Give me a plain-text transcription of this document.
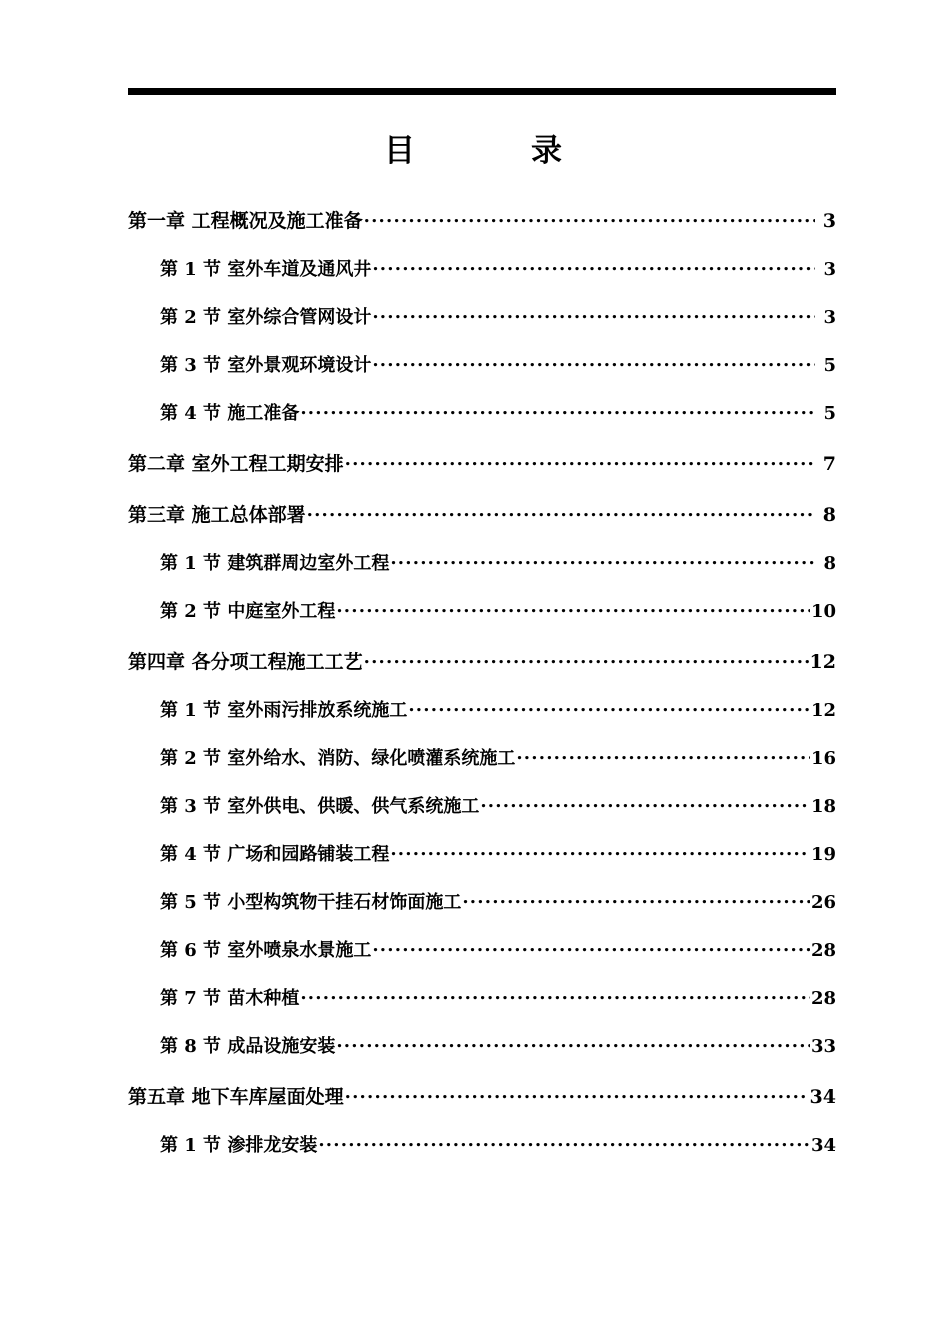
目　　录
第一章 工程概况及施工准备 .....	3
第 1 节 室外车道及通风井 .....	3
第 2 节 室外综合管网设计 .....	3
第 3 节 室外景观环境设计 .....	5
第 4 节 施工准备 .....	5
第二章 室外工程工期安排 .....	7
第三章 施工总体部署 .....	8
第 1 节 建筑群周边室外工程 .....	8
第 2 节 中庭室外工程 .....	10
第四章 各分项工程施工工艺 .....	12
第 1 节 室外雨污排放系统施工 .....	12
第 2 节 室外给水、消防、绿化喷灌系统施工 .....	16
第 3 节 室外供电、供暖、供气系统施工 .....	18
第 4 节 广场和园路铺装工程 .....	19
第 5 节 小型构筑物干挂石材饰面施工 .....	26
第 6 节 室外喷泉水景施工 .....	28
第 7 节 苗木种植 .....	28
第 8 节 成品设施安装 .....	33
第五章 地下车库屋面处理 .....	34
第 1 节 渗排龙安装 .....	34
